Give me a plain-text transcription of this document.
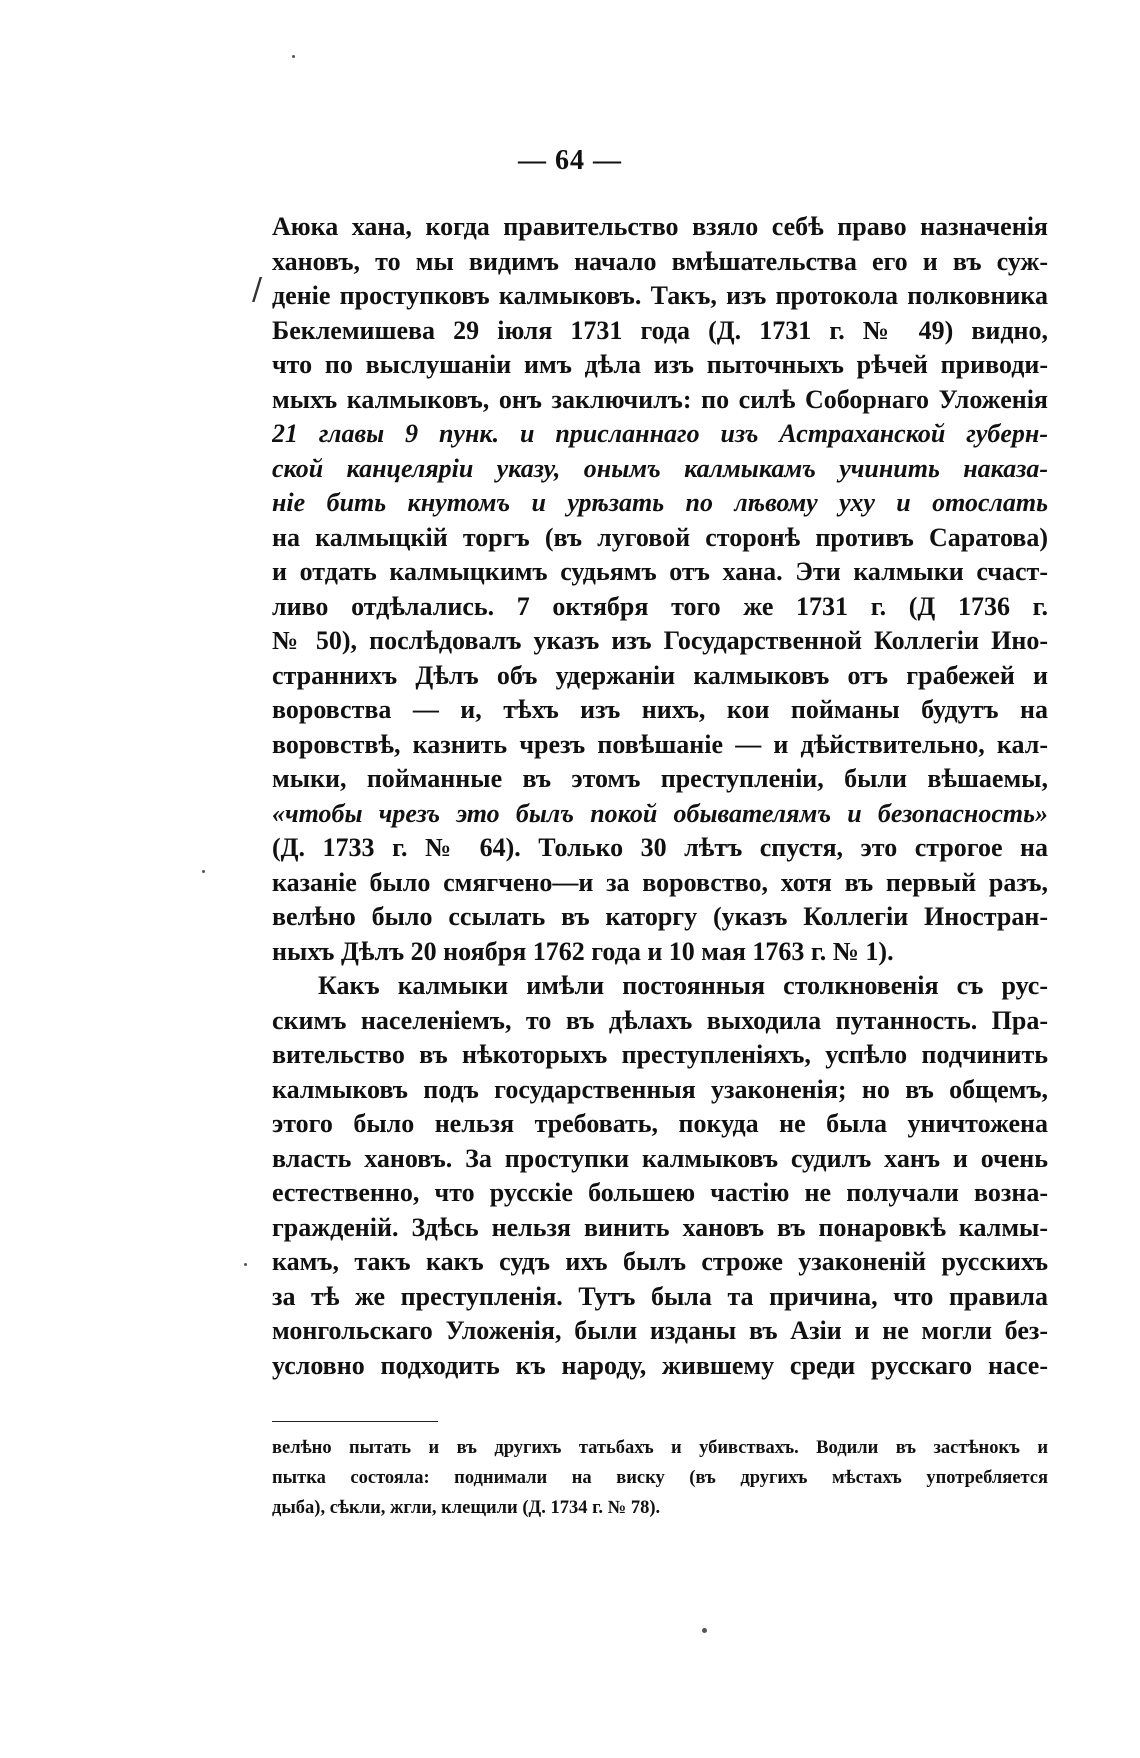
— 64 —
/
Аюка хана, когда правительство взяло себѣ право назначенія
хановъ, то мы видимъ начало вмѣшательства его и въ суж-
деніе проступковъ калмыковъ. Такъ, изъ протокола полковника
Беклемишева 29 іюля 1731 года (Д. 1731 г. № 49) видно,
что по выслушаніи имъ дѣла изъ пыточныхъ рѣчей приводи-
мыхъ калмыковъ, онъ заключилъ: по силѣ Соборнаго Уложенія
21 главы 9 пунк. и присланнаго изъ Астраханской губерн-
ской канцеляріи указу, онымъ калмыкамъ учинить наказа-
ніе бить кнутомъ и урѣзать по лѣвому уху и отослать
на калмыцкій торгъ (въ луговой сторонѣ противъ Саратова)
и отдать калмыцкимъ судьямъ отъ хана. Эти калмыки счаст-
ливо отдѣлались. 7 октября того же 1731 г. (Д 1736 г.
№ 50), послѣдовалъ указъ изъ Государственной Коллегіи Ино-
странниxъ Дѣлъ объ удержаніи калмыковъ отъ грабежей и
воровства — и, тѣхъ изъ нихъ, кои пойманы будутъ на
воровствѣ, казнить чрезъ повѣшаніе — и дѣйствительно, кал-
мыки, пойманные въ этомъ преступленіи, были вѣшаемы,
«чтобы чрезъ это былъ покой обывателямъ и безопасность»
(Д. 1733 г. № 64). Только 30 лѣтъ спустя, это строгое на
казаніе было смягчено—и за воровство, хотя въ первый разъ,
велѣно было ссылать въ каторгу (указъ Коллегіи Иностран-
ныхъ Дѣлъ 20 ноября 1762 года и 10 мая 1763 г. № 1).
Какъ калмыки имѣли постоянныя столкновенія съ рус-
скимъ населеніемъ, то въ дѣлахъ выходила путанность. Пра-
вительство въ нѣкоторыхъ преступленіяхъ, успѣло подчинить
калмыковъ подъ государственныя узаконенія; но въ общемъ,
этого было нельзя требовать, покуда не была уничтожена
власть хановъ. За проступки калмыковъ судилъ ханъ и очень
естественно, что русскіе большею частію не получали возна-
гражденій. Здѣсь нельзя винить хановъ въ понаровкѣ калмы-
камъ, такъ какъ судъ ихъ былъ строже узаконеній русскихъ
за тѣ же преступленія. Тутъ была та причина, что правила
монгольскаго Уложенія, были изданы въ Азіи и не могли без-
условно подходить къ народу, жившему среди русскаго насе-
велѣно пытать и въ другихъ татьбахъ и убивствахъ. Водили въ застѣнокъ и
пытка состояла: поднимали на виску (въ другихъ мѣстахъ употребляется
дыба), сѣкли, жгли, клещили (Д. 1734 г. № 78).
